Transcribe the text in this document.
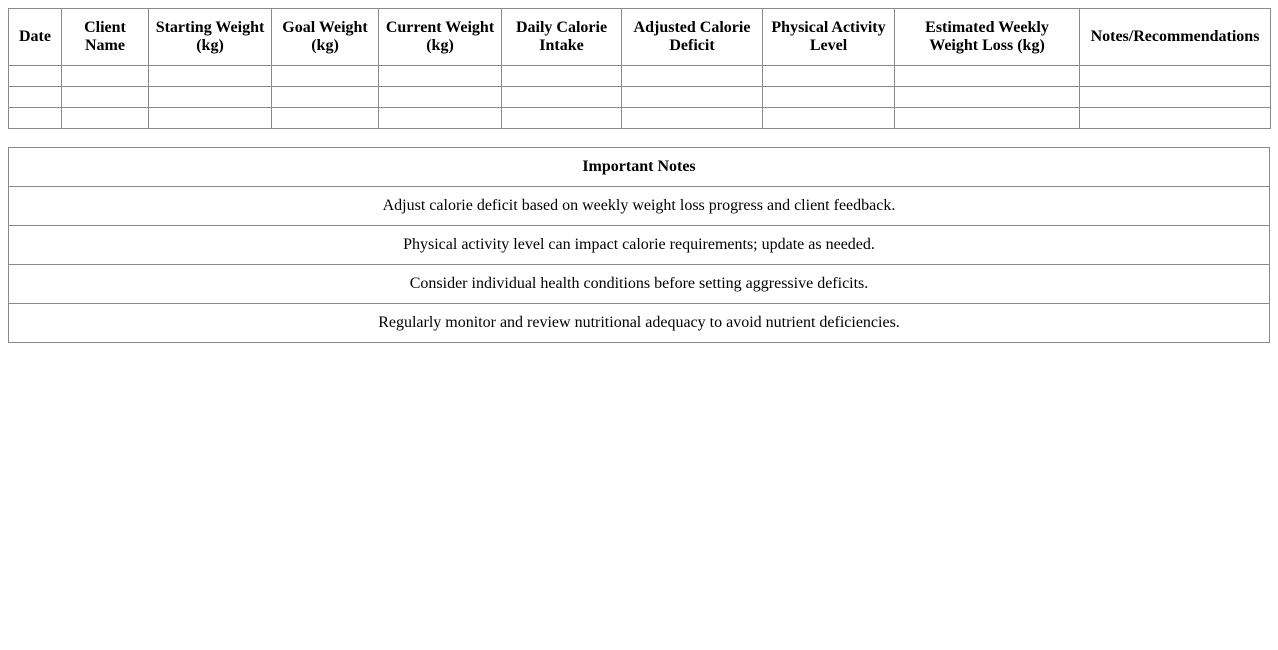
Date	Client Name	Starting Weight (kg)	Goal Weight (kg)	Current Weight (kg)	Daily Calorie Intake	Adjusted Calorie Deficit	Physical Activity Level	Estimated Weekly Weight Loss (kg)	Notes/Recommendations

Important Notes
Adjust calorie deficit based on weekly weight loss progress and client feedback.
Physical activity level can impact calorie requirements; update as needed.
Consider individual health conditions before setting aggressive deficits.
Regularly monitor and review nutritional adequacy to avoid nutrient deficiencies.
